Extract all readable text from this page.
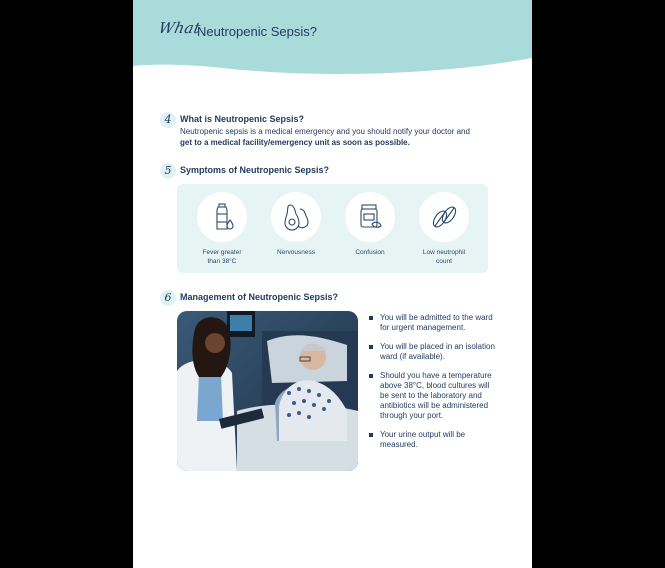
What
Neutropenic Sepsis?
4 What is Neutropenic Sepsis?
Neutropenic sepsis is a medical emergency and you should notify your doctor and
get to a medical facility/emergency unit as soon as possible.
5 Symptoms of Neutropenic Sepsis?
Fever greater
than 38°C
Nervousness	Confusion	Low neutrophil
count
6 Management of Neutropenic Sepsis?
You will be admitted to the ward for urgent management.
You will be placed in an isolation ward (if available).
Should you have a temperature above 38°C, blood cultures will be sent to the laboratory and antibiotics will be administered through your port.
Your urine output will be measured.
